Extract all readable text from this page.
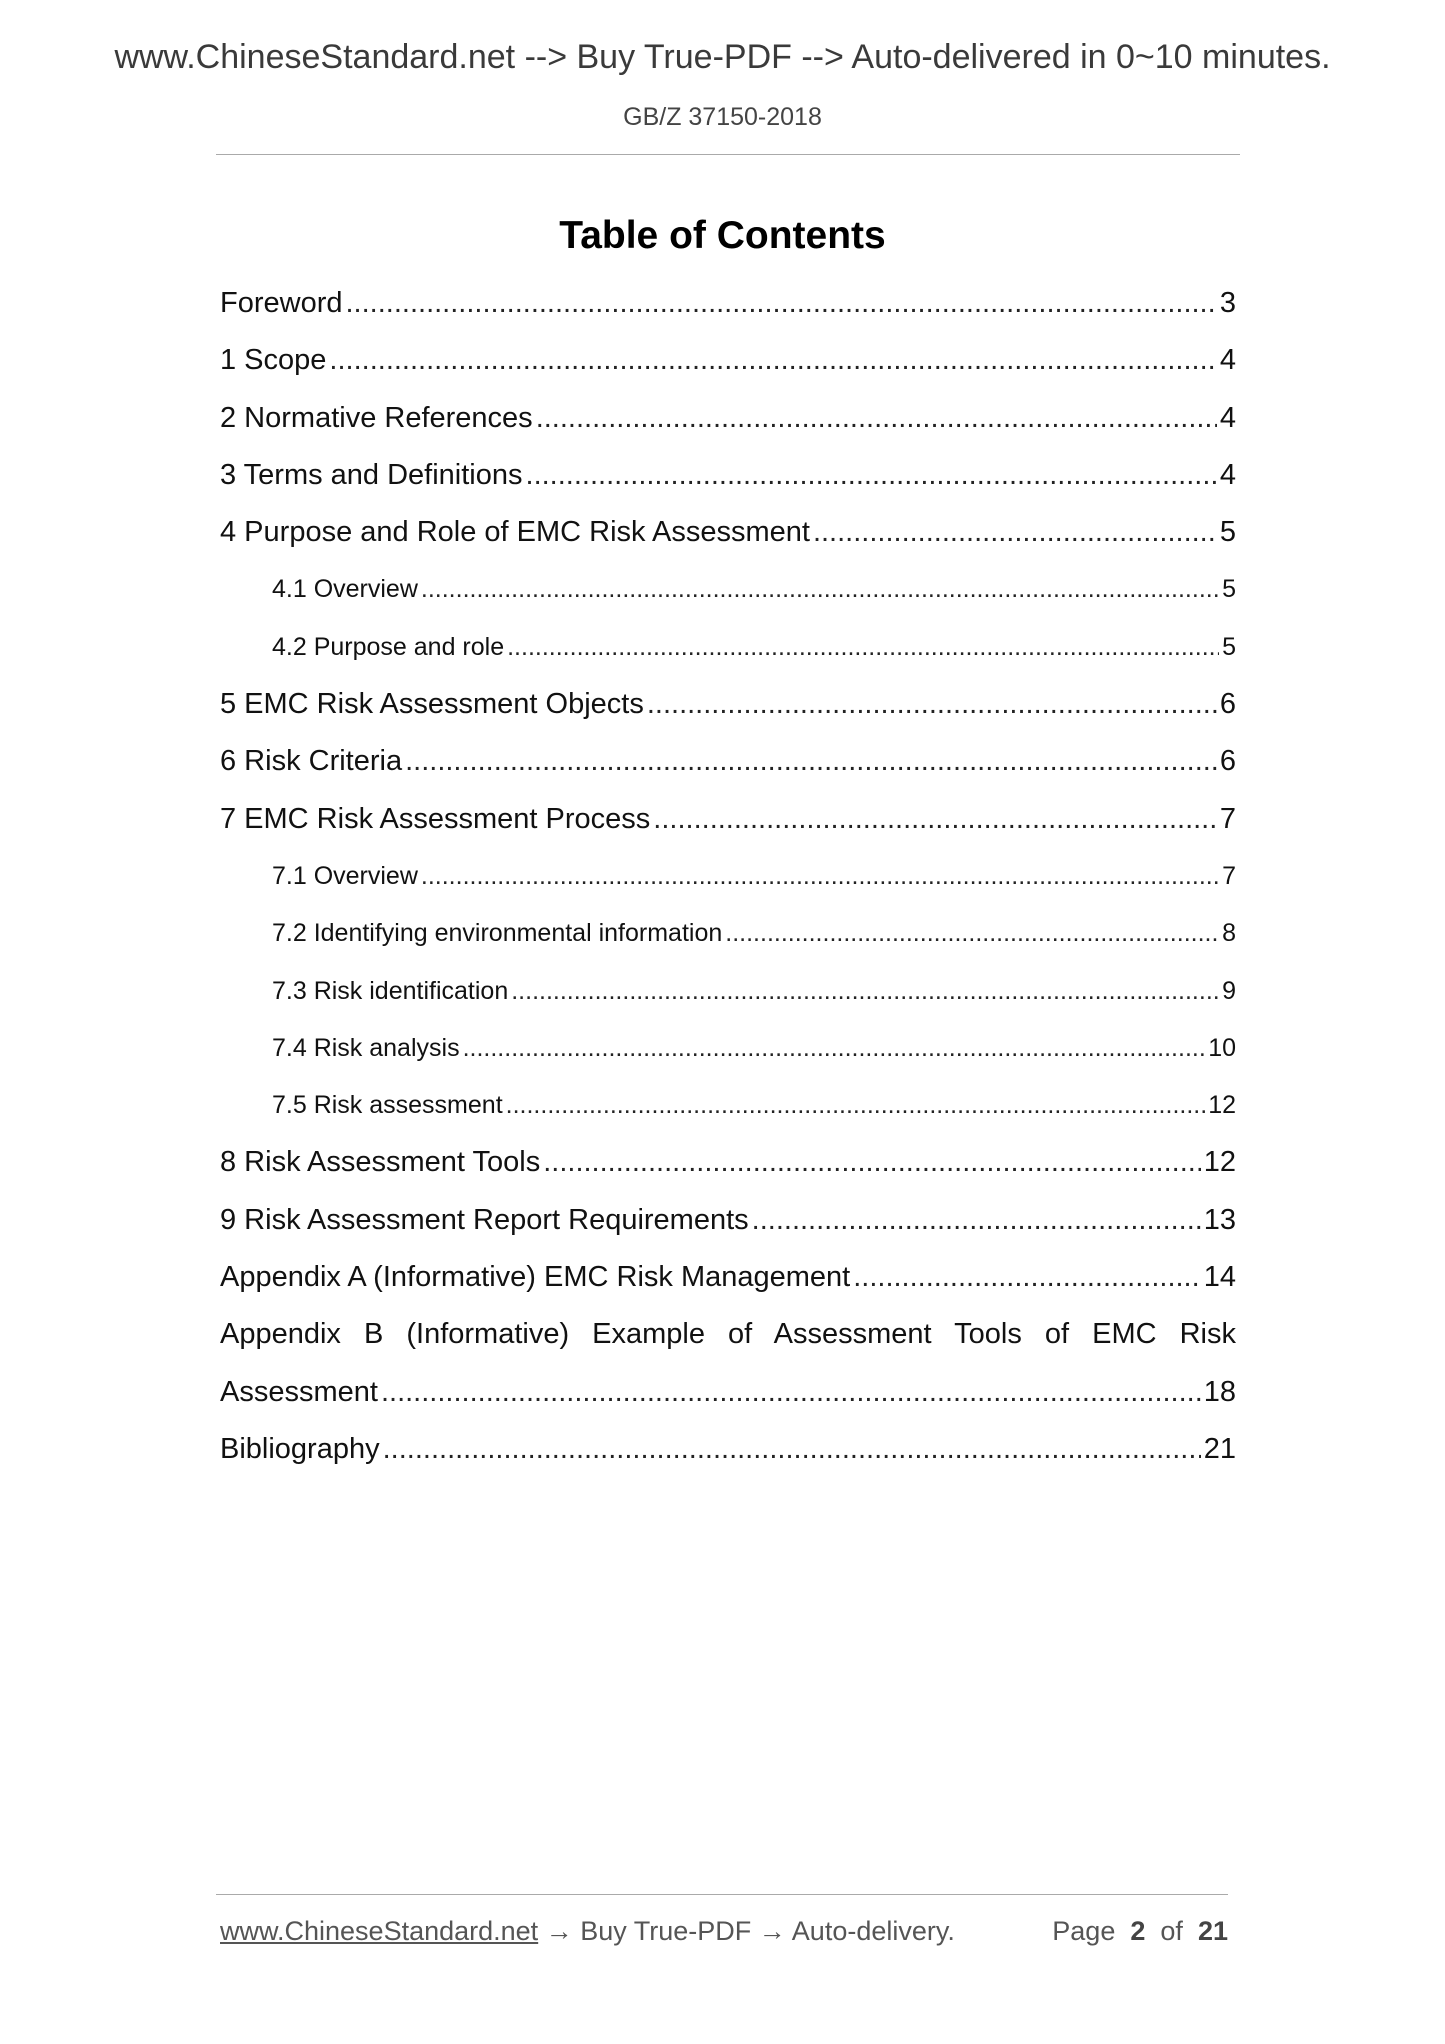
www.ChineseStandard.net --> Buy True-PDF --> Auto-delivered in 0~10 minutes.
GB/Z 37150-2018
Table of Contents
Foreword .....	3
1 Scope .....	4
2 Normative References .....	4
3 Terms and Definitions .....	4
4 Purpose and Role of EMC Risk Assessment .....	5
4.1 Overview .....	5
4.2 Purpose and role .....	5
5 EMC Risk Assessment Objects .....	6
6 Risk Criteria .....	6
7 EMC Risk Assessment Process .....	7
7.1 Overview .....	7
7.2 Identifying environmental information .....	8
7.3 Risk identification .....	9
7.4 Risk analysis .....	10
7.5 Risk assessment .....	12
8 Risk Assessment Tools .....	12
9 Risk Assessment Report Requirements .....	13
Appendix A (Informative) EMC Risk Management .....	14
Appendix B (Informative) Example of Assessment Tools of EMC Risk
Assessment .....	18
Bibliography .....	21
www.ChineseStandard.net → Buy True-PDF → Auto-delivery.	Page 2 of 21
